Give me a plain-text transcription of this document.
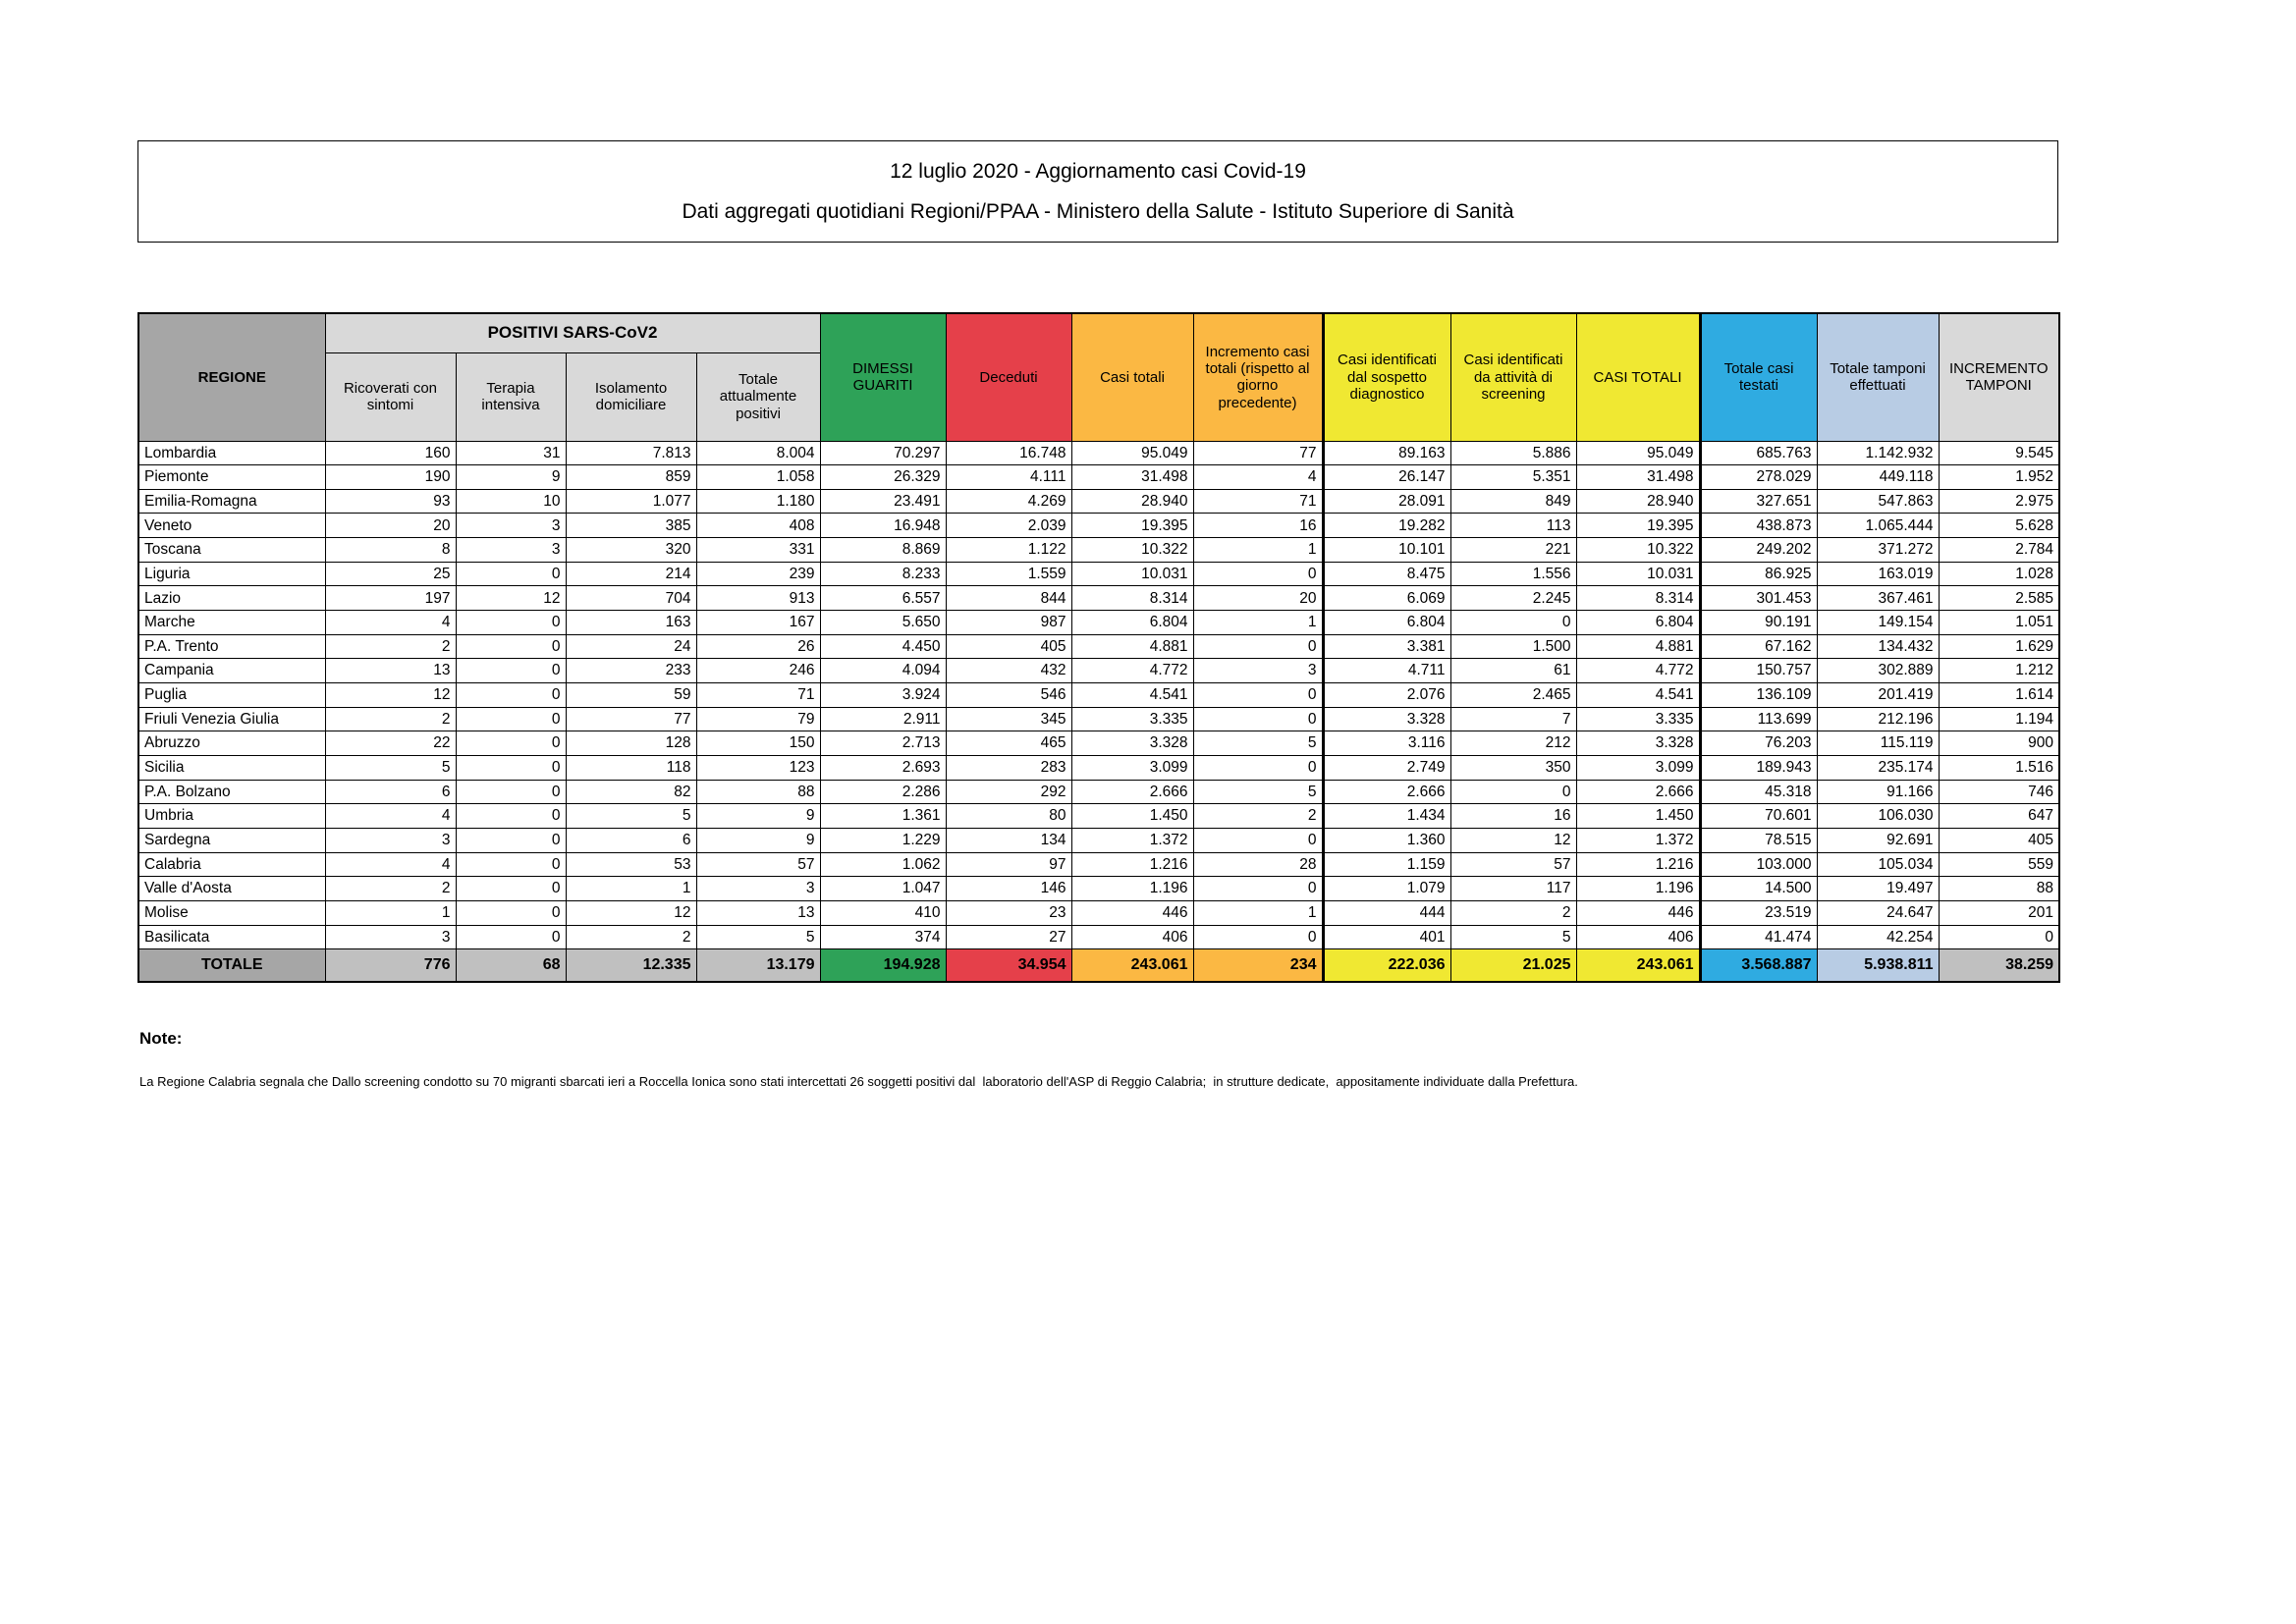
12 luglio 2020 - Aggiornamento casi Covid-19
Dati aggregati quotidiani Regioni/PPAA - Ministero della Salute - Istituto Superiore di Sanità
REGIONE	POSITIVI SARS-CoV2				DIMESSI GUARITI	Deceduti	Casi totali	Incremento casi totali (rispetto al giorno precedente)	Casi identificati dal sospetto diagnostico	Casi identificati da attività di screening	CASI TOTALI	Totale casi testati	Totale tamponi effettuati	INCREMENTO TAMPONI
	Ricoverati con sintomi	Terapia intensiva	Isolamento domiciliare	Totale attualmente positivi										
Lombardia	160	31	7.813	8.004	70.297	16.748	95.049	77	89.163	5.886	95.049	685.763	1.142.932	9.545
Piemonte	190	9	859	1.058	26.329	4.111	31.498	4	26.147	5.351	31.498	278.029	449.118	1.952
Emilia-Romagna	93	10	1.077	1.180	23.491	4.269	28.940	71	28.091	849	28.940	327.651	547.863	2.975
Veneto	20	3	385	408	16.948	2.039	19.395	16	19.282	113	19.395	438.873	1.065.444	5.628
Toscana	8	3	320	331	8.869	1.122	10.322	1	10.101	221	10.322	249.202	371.272	2.784
Liguria	25	0	214	239	8.233	1.559	10.031	0	8.475	1.556	10.031	86.925	163.019	1.028
Lazio	197	12	704	913	6.557	844	8.314	20	6.069	2.245	8.314	301.453	367.461	2.585
Marche	4	0	163	167	5.650	987	6.804	1	6.804	0	6.804	90.191	149.154	1.051
P.A. Trento	2	0	24	26	4.450	405	4.881	0	3.381	1.500	4.881	67.162	134.432	1.629
Campania	13	0	233	246	4.094	432	4.772	3	4.711	61	4.772	150.757	302.889	1.212
Puglia	12	0	59	71	3.924	546	4.541	0	2.076	2.465	4.541	136.109	201.419	1.614
Friuli Venezia Giulia	2	0	77	79	2.911	345	3.335	0	3.328	7	3.335	113.699	212.196	1.194
Abruzzo	22	0	128	150	2.713	465	3.328	5	3.116	212	3.328	76.203	115.119	900
Sicilia	5	0	118	123	2.693	283	3.099	0	2.749	350	3.099	189.943	235.174	1.516
P.A. Bolzano	6	0	82	88	2.286	292	2.666	5	2.666	0	2.666	45.318	91.166	746
Umbria	4	0	5	9	1.361	80	1.450	2	1.434	16	1.450	70.601	106.030	647
Sardegna	3	0	6	9	1.229	134	1.372	0	1.360	12	1.372	78.515	92.691	405
Calabria	4	0	53	57	1.062	97	1.216	28	1.159	57	1.216	103.000	105.034	559
Valle d'Aosta	2	0	1	3	1.047	146	1.196	0	1.079	117	1.196	14.500	19.497	88
Molise	1	0	12	13	410	23	446	1	444	2	446	23.519	24.647	201
Basilicata	3	0	2	5	374	27	406	0	401	5	406	41.474	42.254	0
TOTALE	776	68	12.335	13.179	194.928	34.954	243.061	234	222.036	21.025	243.061	3.568.887	5.938.811	38.259

Note:

La Regione Calabria segnala che Dallo screening condotto su 70 migranti sbarcati ieri a Roccella Ionica sono stati intercettati 26 soggetti positivi dal  laboratorio dell'ASP di Reggio Calabria;  in strutture dedicate,  appositamente individuate dalla Prefettura.
